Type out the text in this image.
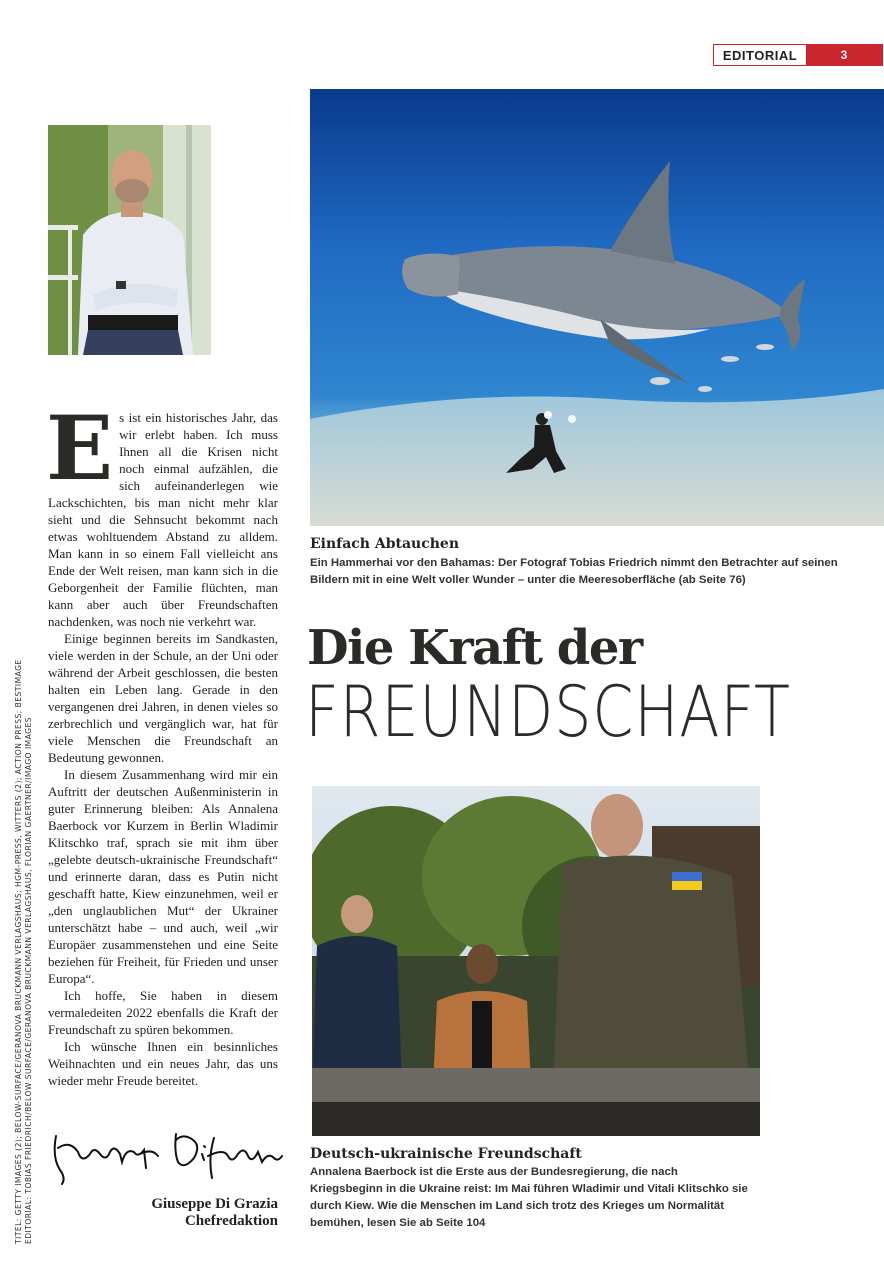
EDITORIAL	3
TITEL: GETTY IMAGES (2); BELOW-SURFACE/GERANOVA BRUCKMANN VERLAGSHAUS; HGM-PRESS, WITTERS (2); ACTION PRESS; BESTIMAGE EDITORIAL: TOBIAS FRIEDRICH/BELOW SURFACE/GERANOVA BRUCKMANN VERLAGSHAUS, FLORIAN GAERTNER/IMAGO IMAGES

Es ist ein historisches Jahr, das wir erlebt haben. Ich muss Ihnen all die Krisen nicht noch einmal aufzählen, die sich aufeinanderlegen wie Lackschichten, bis man nicht mehr klar sieht und die Sehnsucht bekommt nach etwas wohltuendem Abstand zu alldem. Man kann in so einem Fall vielleicht ans Ende der Welt reisen, man kann sich in die Geborgenheit der Familie flüchten, man kann aber auch über Freundschaften nachdenken, was noch nie verkehrt war.

Einige beginnen bereits im Sandkasten, viele werden in der Schule, an der Uni oder während der Arbeit geschlossen, die besten halten ein Leben lang. Gerade in den vergangenen drei Jahren, in denen vieles so zerbrechlich und vergänglich war, hat für viele Menschen die Freundschaft an Bedeutung gewonnen.

In diesem Zusammenhang wird mir ein Auftritt der deutschen Außenministerin in guter Erinnerung bleiben: Als Annalena Baerbock vor Kurzem in Berlin Wladimir Klitschko traf, sprach sie mit ihm über „gelebte deutsch-ukrainische Freundschaft“ und erinnerte daran, dass es Putin nicht geschafft hatte, Kiew einzunehmen, weil er „den unglaublichen Mut“ der Ukrainer unterschätzt habe – und auch, weil „wir Europäer zusammenstehen und eine Seite beziehen für Freiheit, für Frieden und unser Europa“.

Ich hoffe, Sie haben in diesem vermaledeiten 2022 ebenfalls die Kraft der Freundschaft zu spüren bekommen.

Ich wünsche Ihnen ein besinnliches Weihnachten und ein neues Jahr, das uns wieder mehr Freude bereitet.

Giuseppe Di Grazia
Chefredaktion
Einfach Abtauchen
Ein Hammerhai vor den Bahamas: Der Fotograf Tobias Friedrich nimmt den Betrachter auf seinen Bildern mit in eine Welt voller Wunder – unter die Meeresoberfläche (ab Seite 76)
Die Kraft der
FREUNDSCHAFT
Deutsch-ukrainische Freundschaft
Annalena Baerbock ist die Erste aus der Bundesregierung, die nach Kriegsbeginn in die Ukraine reist: Im Mai führen Wladimir und Vitali Klitschko sie durch Kiew. Wie die Menschen im Land sich trotz des Krieges um Normalität bemühen, lesen Sie ab Seite 104
